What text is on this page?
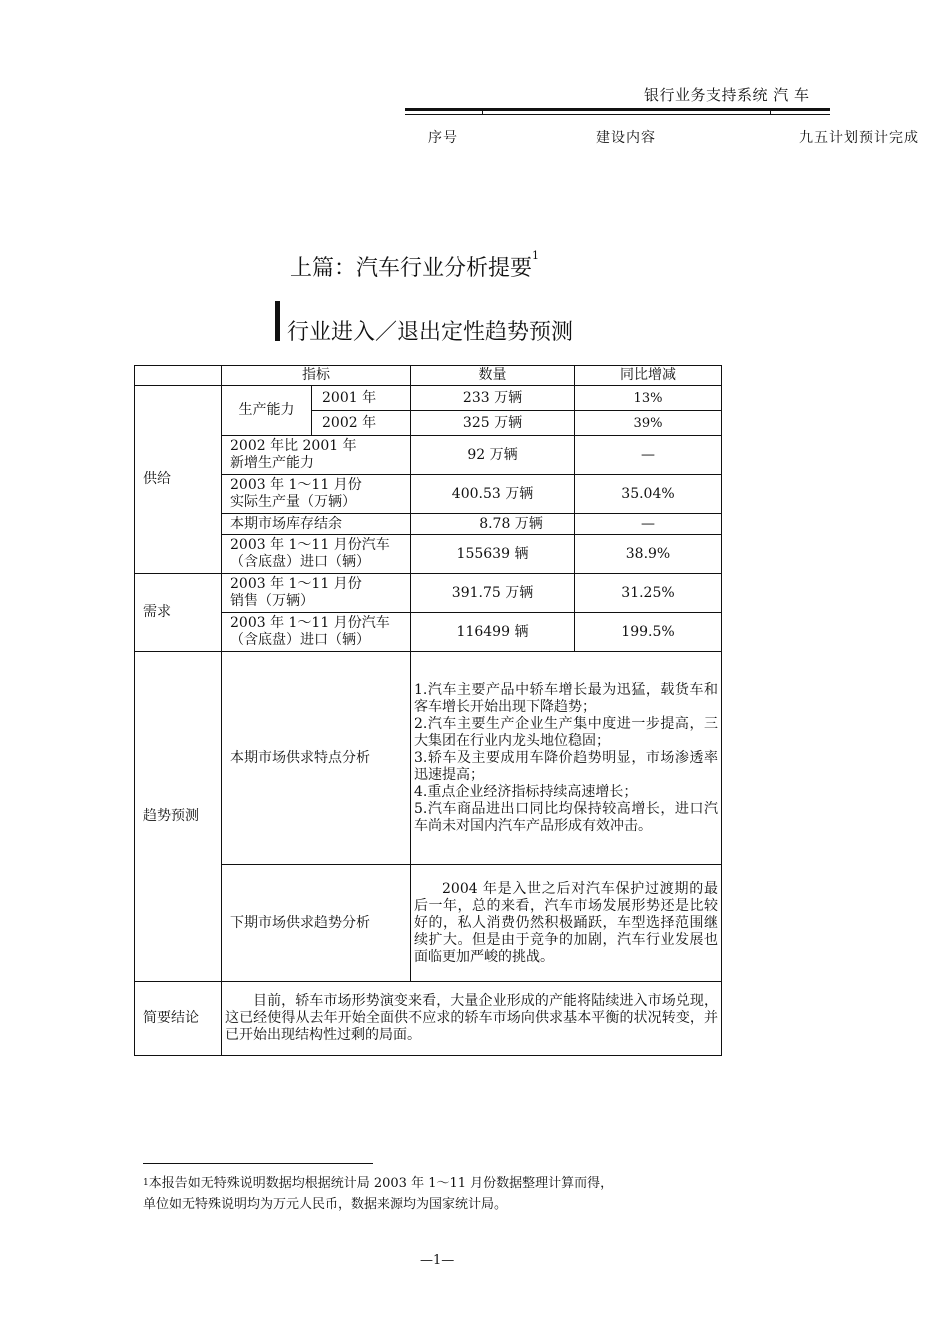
银行业务支持系统 汽 车
序号	建设内容	九五计划预计完成
上篇：汽车行业分析提要$^1$
行业进入／退出定性趋势预测
	指标		数量	同比增减
供给	生产能力	2001 年	233 万辆	13%
		2002 年	325 万辆	39%

	2002 年比 2001 年
新增生产能力		92 万辆	—

	2003 年 1～11 月份
实际生产量（万辆）		400.53 万辆	35.04%
	本期市场库存结余		8.78 万辆	—

	2003 年 1～11 月份汽车
（含底盘）进口（辆）		155639 辆	38.9%
需求	2003 年 1～11 月份
销售（万辆）		391.75 万辆	31.25%

	2003 年 1～11 月份汽车
（含底盘）进口（辆）		116499 辆	199.5%
趋势预测	本期市场供求特点分析		1.汽车主要产品中轿车增长最为迅猛，载货车和客车增长开始出现下降趋势；
2.汽车主要生产企业生产集中度进一步提高，三大集团在行业内龙头地位稳固；
3.轿车及主要成用车降价趋势明显，市场渗透率迅速提高；
4.重点企业经济指标持续高速增长；
5.汽车商品进出口同比均保持较高增长，进口汽车尚未对国内汽车产品形成有效冲击。	

	下期市场供求趋势分析		2004 年是入世之后对汽车保护过渡期的最后一年，总的来看，汽车市场发展形势还是比较好的，私人消费仍然积极踊跃，车型选择范围继续扩大。但是由于竞争的加剧，汽车行业发展也面临更加严峻的挑战。	
简要结论	目前，轿车市场形势演变来看，大量企业形成的产能将陆续进入市场兑现，这已经使得从去年开始全面供不应求的轿车市场向供求基本平衡的状况转变，并已开始出现结构性过剩的局面。			
$^1$本报告如无特殊说明数据均根据统计局 2003 年 1～11 月份数据整理计算而得，
单位如无特殊说明均为万元人民币，数据来源均为国家统计局。
—1—
